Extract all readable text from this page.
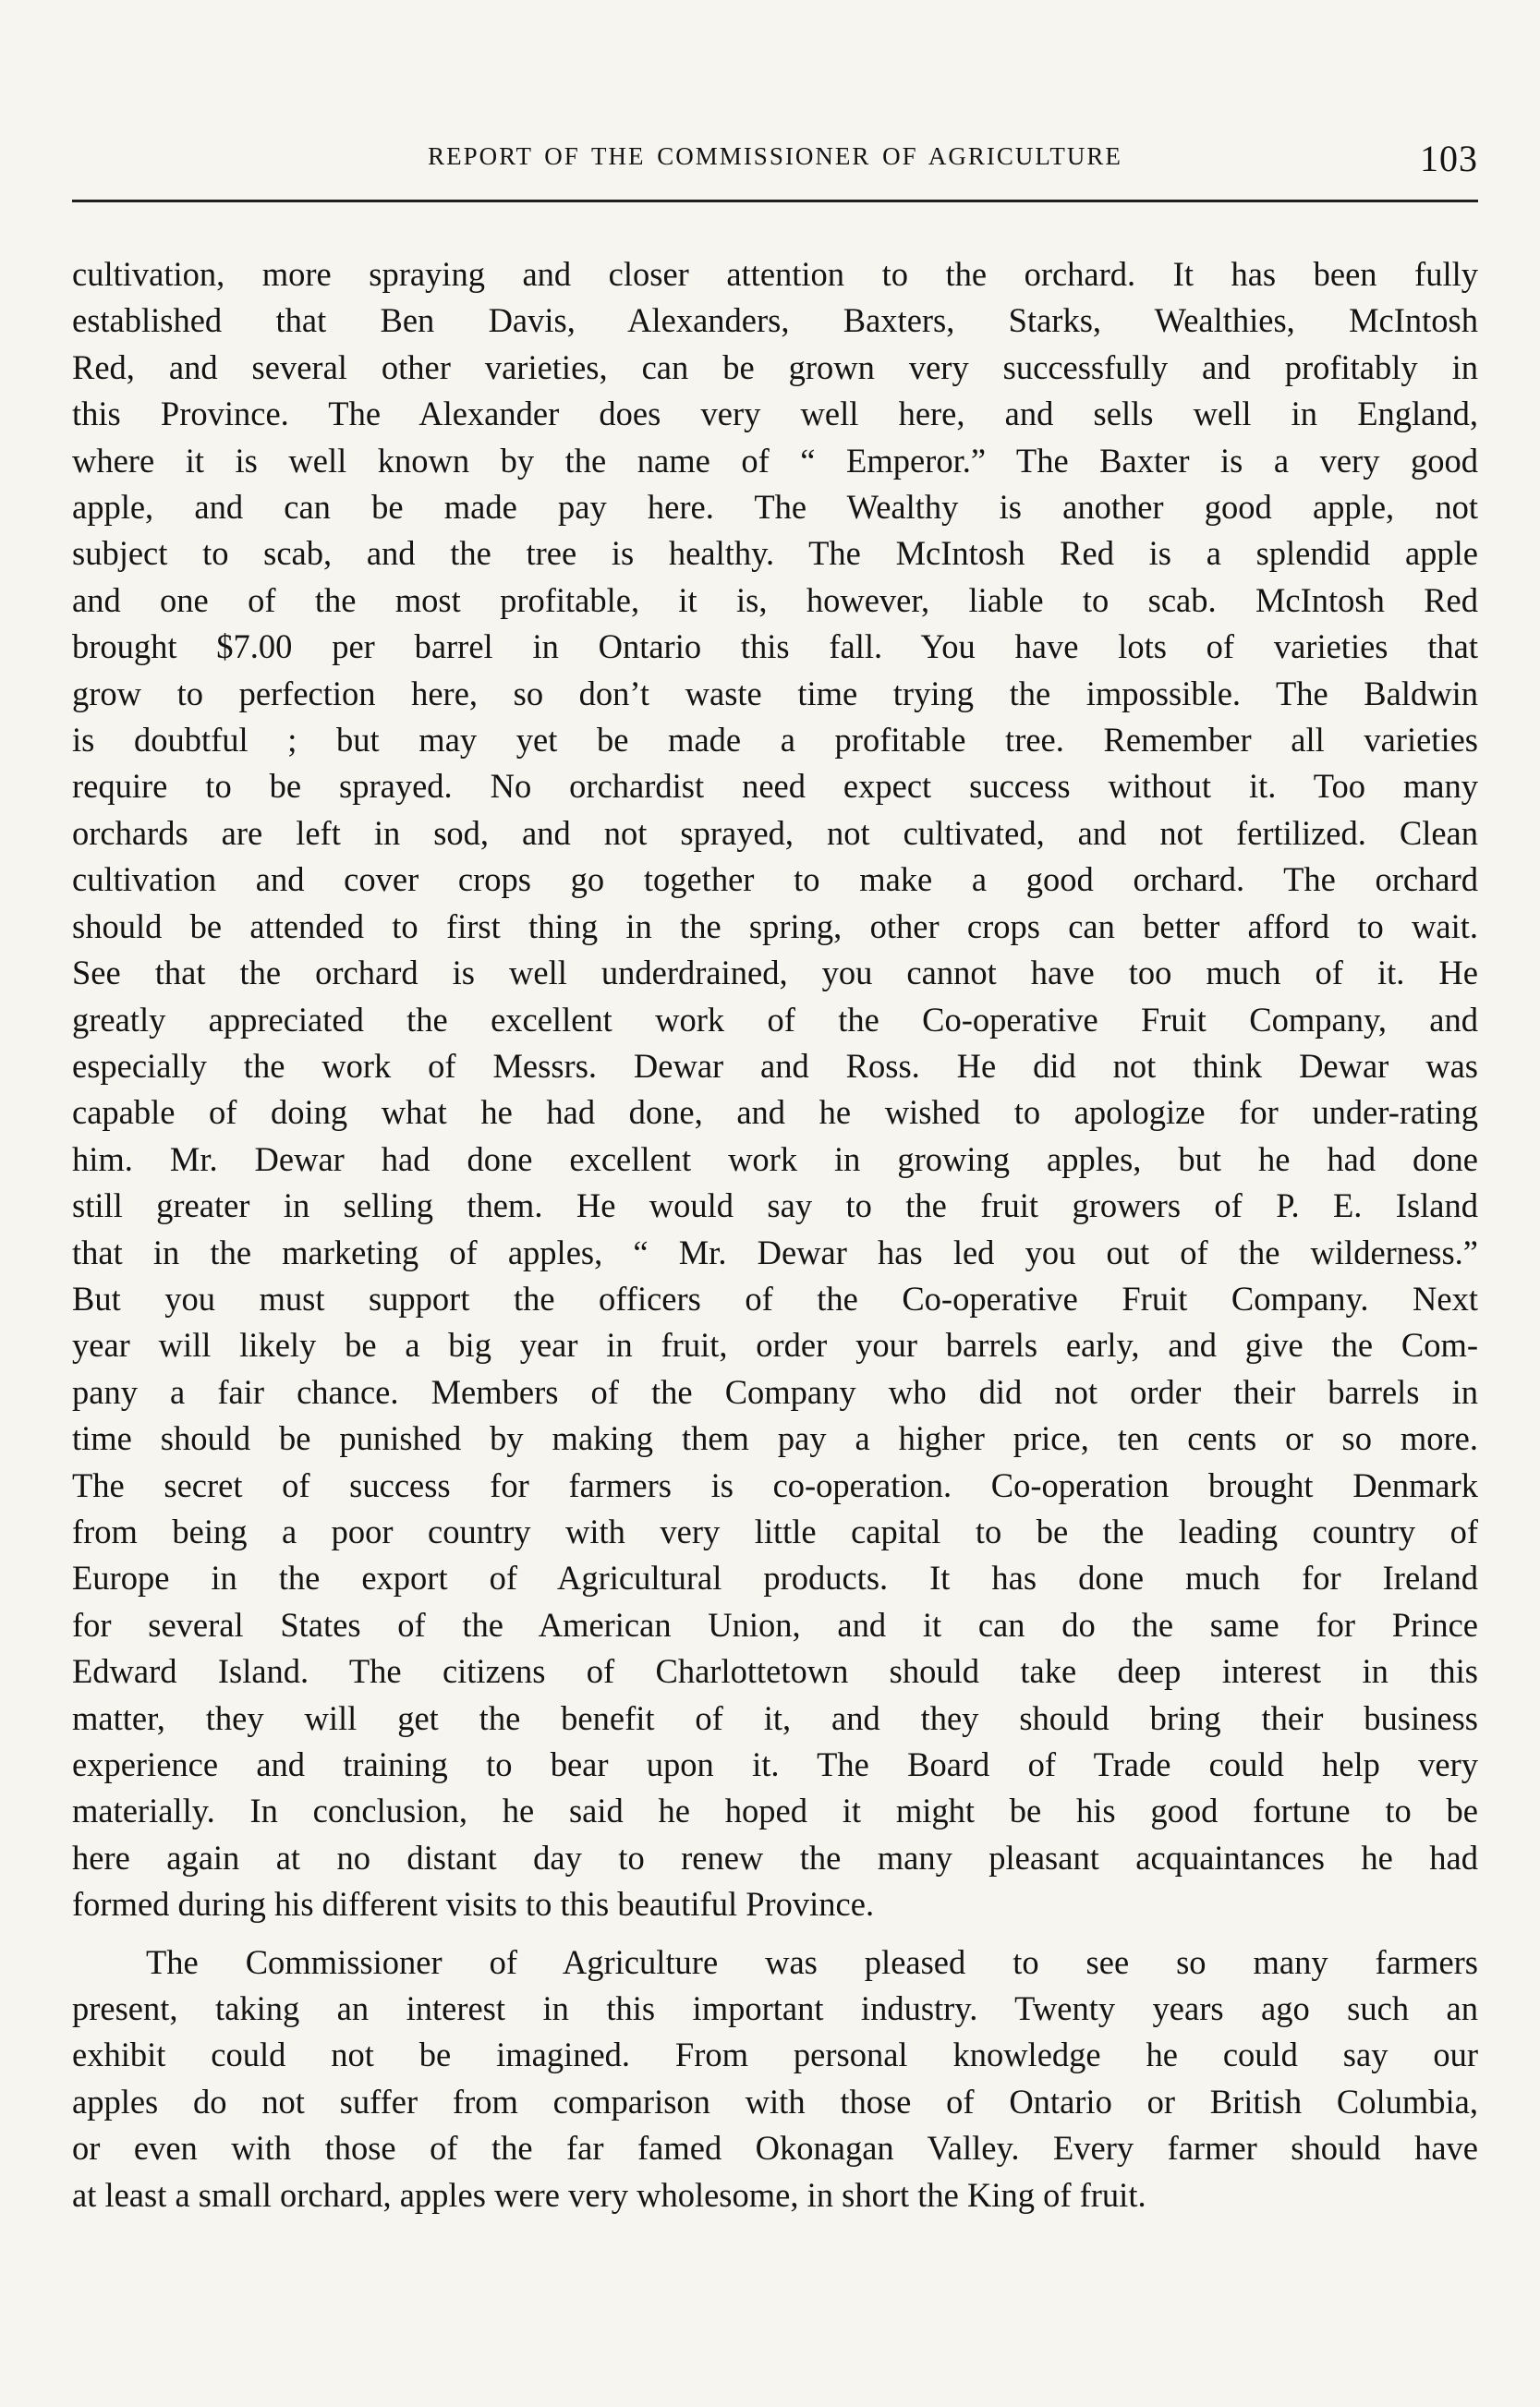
REPORT OF THE COMMISSIONER OF AGRICULTURE	103

cultivation, more spraying and closer attention to the orchard. It has been fully
established that Ben Davis, Alexanders, Baxters, Starks, Wealthies, McIntosh
Red, and several other varieties, can be grown very successfully and profitably in
this Province. The Alexander does very well here, and sells well in England,
where it is well known by the name of “ Emperor.” The Baxter is a very good
apple, and can be made pay here. The Wealthy is another good apple, not
subject to scab, and the tree is healthy. The McIntosh Red is a splendid apple
and one of the most profitable, it is, however, liable to scab. McIntosh Red
brought $7.00 per barrel in Ontario this fall. You have lots of varieties that
grow to perfection here, so don’t waste time trying the impossible. The Baldwin
is doubtful ; but may yet be made a profitable tree. Remember all varieties
require to be sprayed. No orchardist need expect success without it. Too many
orchards are left in sod, and not sprayed, not cultivated, and not fertilized. Clean
cultivation and cover crops go together to make a good orchard. The orchard
should be attended to first thing in the spring, other crops can better afford to wait.
See that the orchard is well underdrained, you cannot have too much of it. He
greatly appreciated the excellent work of the Co-operative Fruit Company, and
especially the work of Messrs. Dewar and Ross. He did not think Dewar was
capable of doing what he had done, and he wished to apologize for under-rating
him. Mr. Dewar had done excellent work in growing apples, but he had done
still greater in selling them. He would say to the fruit growers of P. E. Island
that in the marketing of apples, “ Mr. Dewar has led you out of the wilderness.”
But you must support the officers of the Co-operative Fruit Company. Next
year will likely be a big year in fruit, order your barrels early, and give the Com-
pany a fair chance. Members of the Company who did not order their barrels in
time should be punished by making them pay a higher price, ten cents or so more.
The secret of success for farmers is co-operation. Co-operation brought Denmark
from being a poor country with very little capital to be the leading country of
Europe in the export of Agricultural products. It has done much for Ireland
for several States of the American Union, and it can do the same for Prince
Edward Island. The citizens of Charlottetown should take deep interest in this
matter, they will get the benefit of it, and they should bring their business
experience and training to bear upon it. The Board of Trade could help very
materially. In conclusion, he said he hoped it might be his good fortune to be
here again at no distant day to renew the many pleasant acquaintances he had
formed during his different visits to this beautiful Province.

The Commissioner of Agriculture was pleased to see so many farmers
present, taking an interest in this important industry. Twenty years ago such an
exhibit could not be imagined. From personal knowledge he could say our
apples do not suffer from comparison with those of Ontario or British Columbia,
or even with those of the far famed Okonagan Valley. Every farmer should have
at least a small orchard, apples were very wholesome, in short the King of fruit.
